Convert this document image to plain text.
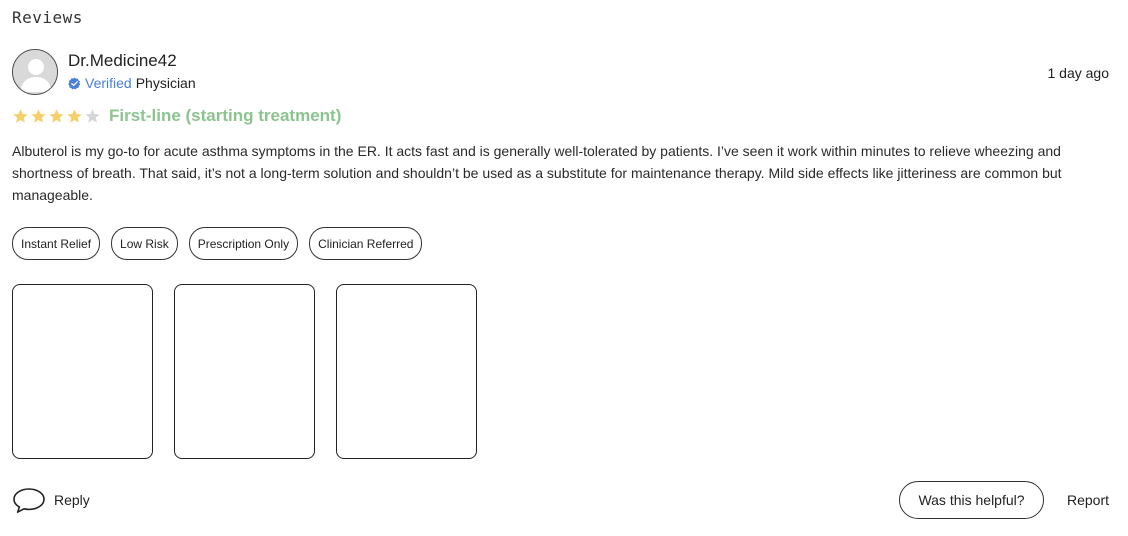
Reviews
Dr.Medicine42
Verified Physician
1 day ago
First-line (starting treatment)
Albuterol is my go-to for acute asthma symptoms in the ER. It acts fast and is generally well-tolerated by patients. I’ve seen it work within minutes to relieve wheezing and shortness of breath. That said, it’s not a long-term solution and shouldn’t be used as a substitute for maintenance therapy. Mild side effects like jitteriness are common but manageable.
Instant Relief	Low Risk	Prescription Only	Clinician Referred
Reply	Was this helpful?	Report
